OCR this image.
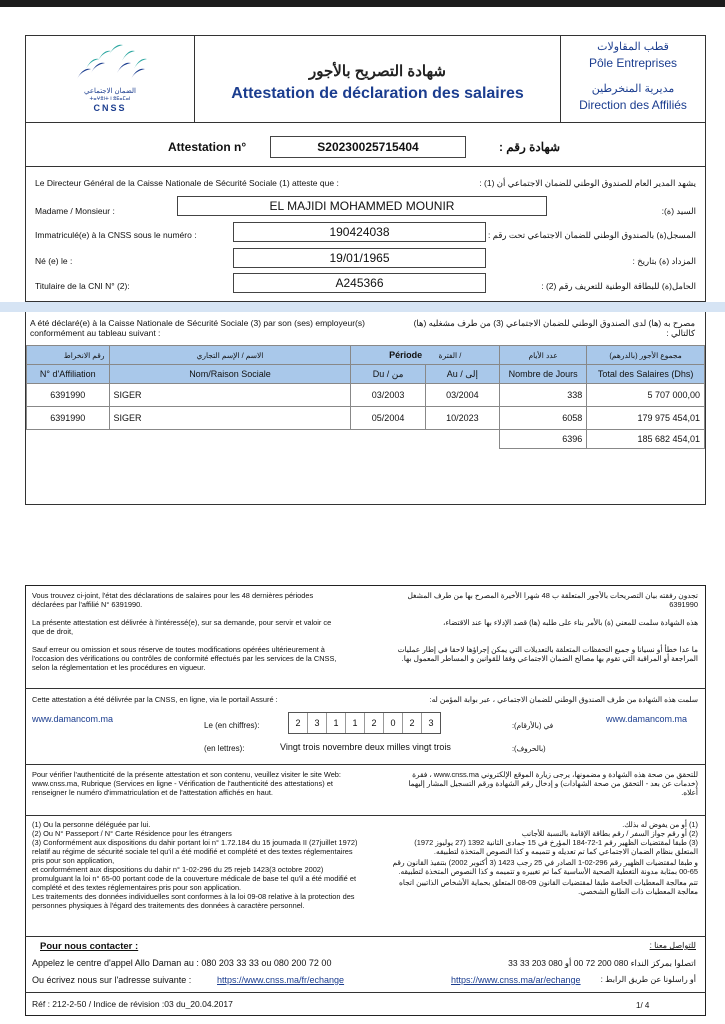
الضمان الاجتماعي
ⵜⴰⵖⵓⵏⵜ ⵏ ⵓⴹⴰⵎⴰⵏ
CNSS
شهادة التصريح بالأجور
Attestation de déclaration des salaires
قطب المقاولات
Pôle Entreprises
مديرية المنخرطين
Direction des Affiliés
Attestation n°	S20230025715404	شهادة رقم :
Le Directeur Général de la Caisse Nationale de Sécurité Sociale (1) atteste que :	يشهد المدير العام للصندوق الوطني للضمان الاجتماعي أن (1) :
Madame / Monsieur :	EL MAJIDI MOHAMMED MOUNIR	السيد (ة):
Immatriculé(e) à la CNSS sous le numéro :	190424038	المسجل(ة) بالصندوق الوطني للضمان الاجتماعي تحت رقم :
Né (e) le :	19/01/1965	المزداد (ة) بتاريخ :
Titulaire de la CNI N° (2):	A245366	الحامل(ة) للبطاقة الوطنية للتعريف رقم (2) :
A été déclaré(e) à la Caisse Nationale de Sécurité Sociale (3) par son (ses) employeur(s) conformément au tableau suivant :
مصرح به (ها) لدى الصندوق الوطني للضمان الاجتماعي (3) من طرف مشغليه (ها) كالتالي :
رقم الانخراط	الاسم / الإسم التجاري	Période الفترة /		عدد الأيام	مجموع الأجور (بالدرهم)
N° d'Affiliation	Nom/Raison Sociale	Du / من	Au / إلى	Nombre de Jours	Total des Salaires (Dhs)
6391990	SIGER	03/2003	03/2004	338	5 707 000,00
6391990	SIGER	05/2004	10/2023	6058	179 975 454,01
				6396	185 682 454,01
Vous trouvez ci-joint, l'état des déclarations de salaires pour les 48 dernières périodes déclarées par l'affilié N° 6391990.
تجدون رفقته بيان التصريحات بالأجور المتعلقة ب 48 شهرا الأخيرة المصرح بها من طرف المشغل 6391990
La présente attestation est délivrée à l'intéressé(e), sur sa demande, pour servir et valoir ce que de droit,
هذه الشهادة سلمت للمعني (ة) بالأمر بناء على طلبه (ها) قصد الإدلاء بها عند الاقتضاء،
Sauf erreur ou omission et sous réserve de toutes modifications opérées ultérieurement à l'occasion des vérifications ou contrôles de conformité effectués par les services de la CNSS, selon la réglementation et les procédures en vigueur.
ما عدا خطأ أو نسيانا و جميع التحفظات المتعلقة بالتعديلات التي يمكن إجراؤها لاحقا في إطار عمليات المراجعة أو المراقبة التي تقوم بها مصالح الضمان الاجتماعي وفقا للقوانين و المساطر المعمول بها.
Cette attestation a été délivrée par la CNSS, en ligne, via le portail Assuré :	سلمت هذه الشهادة من طرف الصندوق الوطني للضمان الاجتماعي ، عبر بوابة المؤمن له:
www.damancom.ma	www.damancom.ma
Le (en chiffres):	2	3	1	1	2	0	2	3	في (بالأرقام):
(en lettres):	Vingt trois novembre deux milles vingt trois	(بالحروف):
Pour vérifier l'authenticité de la présente attestation et son contenu, veuillez visiter le site Web: www.cnss.ma, Rubrique (Services en ligne - Vérification de l'authenticité des attestations) et renseigner le numéro d'immatriculation et de l'attestation affichés en haut.
للتحقق من صحة هذه الشهادة و مضمونها، يرجى زيارة الموقع الإلكتروني www.cnss.ma ، فقرة (خدمات عن بعد - التحقق من صحة الشهادات) و إدخال رقم الشهادة ورقم التسجيل المشار إليهما أعلاه.
(1) Ou la personne déléguée par lui.
(2) Ou N° Passeport / N° Carte Résidence pour les étrangers
(3) Conformément aux dispositions du dahir portant loi n° 1.72.184 du 15 joumada II (27juillet 1972) relatif au régime de sécurité sociale tel qu'il a été modifié et complété et des textes réglementaires pris pour son application,
et conformément aux dispositions du dahir n° 1-02-296 du 25 rejeb 1423(3 octobre 2002) promulguant la loi n° 65-00 portant code de la couverture médicale de base tel qu'il a été modifié et complété et des textes réglementaires pris pour son application.
Les traitements des données individuelles sont conformes à la loi 09-08 relative à la protection des personnes physiques à l'égard des traitements des données à caractère personnel.
(1) أو من يفوض له بذلك.
(2) أو رقم جواز السفر / رقم بطاقة الإقامة بالنسبة للأجانب
(3) طبقا لمقتضيات الظهير رقم 1-72-184 المؤرخ في 15 جمادى الثانية 1392 (27 يوليوز 1972) المتعلق بنظام الضمان الاجتماعي كما تم تعديله و تتميمه و كذا النصوص المتخذة لتطبيقه.
و طبقا لمقتضيات الظهير رقم 296-02-1 الصادر في 25 رجب 1423 (3 أكتوبر 2002) بتنفيذ القانون رقم 65-00 بمثابة مدونة التغطية الصحية الأساسية كما تم تغييره و تتميمه و كذا النصوص المتخذة لتطبيقه.
تتم معالجة المعطيات الخاصة طبقا لمقتضيات القانون 09-08 المتعلق بحماية الأشخاص الذاتيين اتجاه معالجة المعطيات ذات الطابع الشخصي.
Pour nous contacter :	للتواصل معنا :
Appelez le centre d'appel Allo Daman au : 080 203 33 33 ou 080 200 72 00	اتصلوا بمركز النداء 080 200 72 00 أو 080 203 33 33
Ou écrivez nous sur l'adresse suivante :	https://www.cnss.ma/fr/echange	https://www.cnss.ma/ar/echange	أو راسلونا عن طريق الرابط :
Réf : 212-2-50 / Indice de révision :03 du_20.04.2017	1/ 4
